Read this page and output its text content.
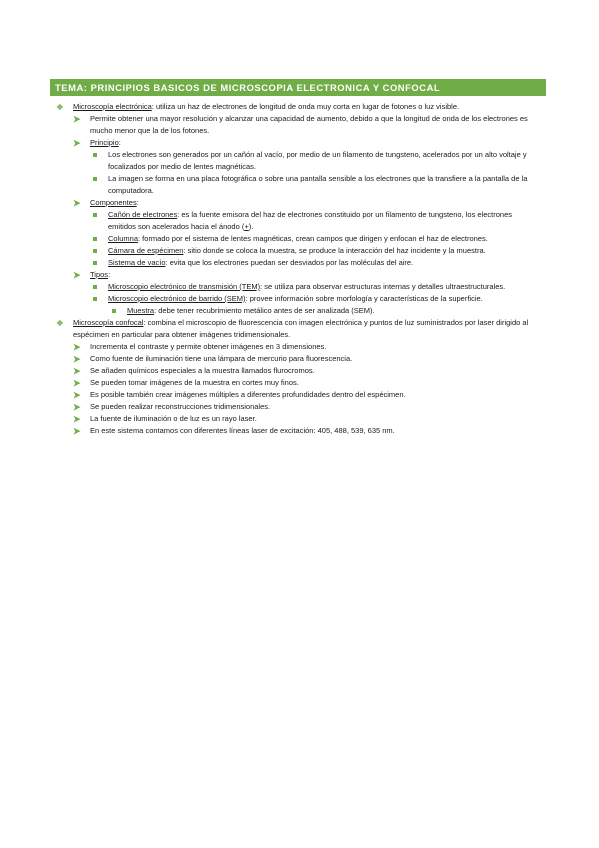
TEMA: PRINCIPIOS BASICOS DE MICROSCOPIA ELECTRONICA Y CONFOCAL
❖ Microscopía electrónica: utiliza un haz de electrones de longitud de onda muy corta en lugar de fotones o luz visible.
➤ Permite obtener una mayor resolución y alcanzar una capacidad de aumento, debido a que la longitud de onda de los electrones es mucho menor que la de los fotones.
➤ Principio:
Los electrones son generados por un cañón al vacío, por medio de un filamento de tungsteno, acelerados por un alto voltaje y focalizados por medio de lentes magnéticas.
La imagen se forma en una placa fotográfica o sobre una pantalla sensible a los electrones que la transfiere a la pantalla de la computadora.
➤ Componentes:
Cañón de electrones: es la fuente emisora del haz de electrones constituido por un filamento de tungsteno, los electrones emitidos son acelerados hacia el ánodo (+).
Columna: formado por el sistema de lentes magnéticas, crean campos que dirigen y enfocan el haz de electrones.
Cámara de espécimen: sitio donde se coloca la muestra, se produce la interacción del haz incidente y la muestra.
Sistema de vacío: evita que los electrones puedan ser desviados por las moléculas del aire.
➤ Tipos:
Microscopio electrónico de transmisión (TEM): se utiliza para observar estructuras internas y detalles ultraestructurales.
Microscopio electrónico de barrido (SEM): provee información sobre morfología y características de la superficie.
Muestra: debe tener recubrimiento metálico antes de ser analizada (SEM).
❖ Microscopía confocal: combina el microscopio de fluorescencia con imagen electrónica y puntos de luz suministrados por laser dirigido al espécimen en particular para obtener imágenes tridimensionales.
➤ Incrementa el contraste y permite obtener imágenes en 3 dimensiones.
➤ Como fuente de iluminación tiene una lámpara de mercurio para fluorescencia.
➤ Se añaden químicos especiales a la muestra llamados flurocromos.
➤ Se pueden tomar imágenes de la muestra en cortes muy finos.
➤ Es posible también crear imágenes múltiples a diferentes profundidades dentro del espécimen.
➤ Se pueden realizar reconstrucciones tridimensionales.
➤ La fuente de iluminación o de luz es un rayo laser.
➤ En este sistema contamos con diferentes líneas laser de excitación: 405, 488, 539, 635 nm.
